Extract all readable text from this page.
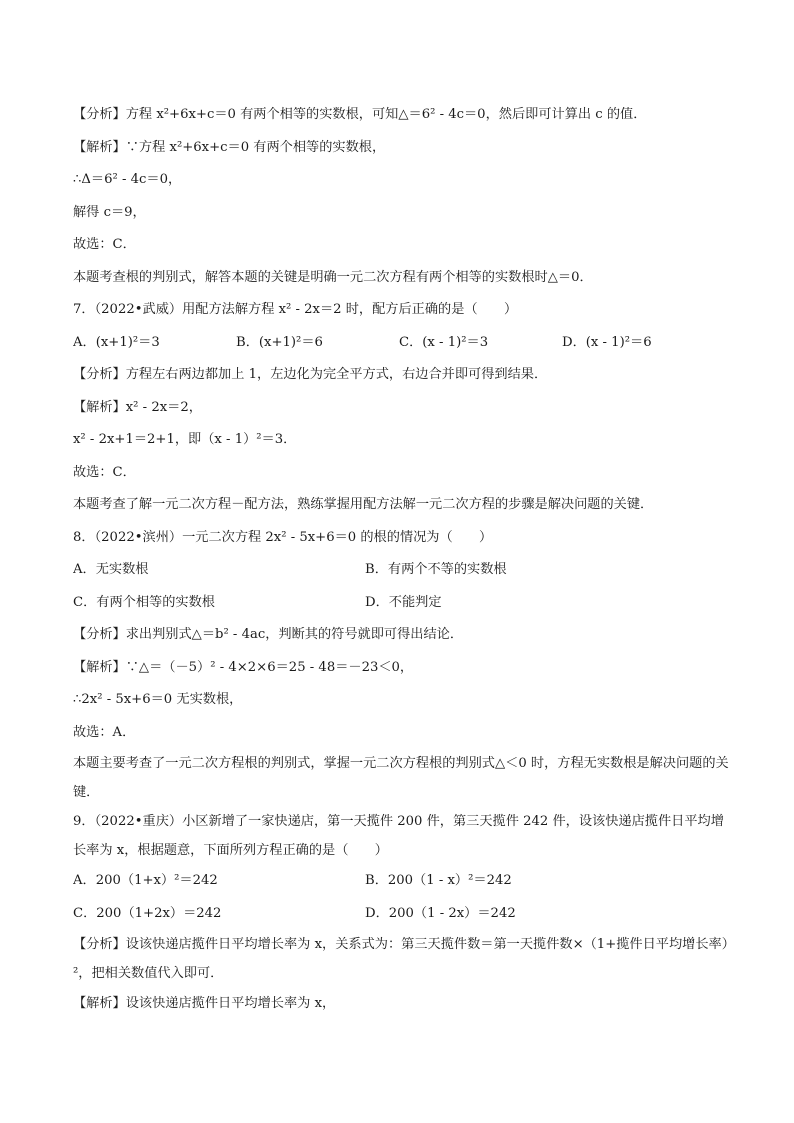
【分析】方程 x²+6x+c＝0 有两个相等的实数根，可知△＝6² - 4c＝0，然后即可计算出 c 的值．
【解析】∵方程 x²+6x+c＝0 有两个相等的实数根，
∴Δ＝6² - 4c＝0，
解得 c＝9，
故选：C．
本题考查根的判别式，解答本题的关键是明确一元二次方程有两个相等的实数根时△＝0．
7．（2022•武威）用配方法解方程 x² - 2x＝2 时，配方后正确的是（　　）
A．(x+1)²＝3	B．(x+1)²＝6	C．(x - 1)²＝3	D．(x - 1)²＝6
【分析】方程左右两边都加上 1，左边化为完全平方式，右边合并即可得到结果．
【解析】x² - 2x＝2，
x² - 2x+1＝2+1，即（x - 1）²＝3．
故选：C．
本题考查了解一元二次方程－配方法，熟练掌握用配方法解一元二次方程的步骤是解决问题的关键．
8．（2022•滨州）一元二次方程 2x² - 5x+6＝0 的根的情况为（　　）
A．无实数根	B．有两个不等的实数根
C．有两个相等的实数根	D．不能判定
【分析】求出判别式△＝b² - 4ac，判断其的符号就即可得出结论．
【解析】∵△＝（－5）² - 4×2×6＝25 - 48＝－23＜0，
∴2x² - 5x+6＝0 无实数根，
故选：A．
本题主要考查了一元二次方程根的判别式，掌握一元二次方程根的判别式△＜0 时，方程无实数根是解决问题的关键．
9．（2022•重庆）小区新增了一家快递店，第一天揽件 200 件，第三天揽件 242 件，设该快递店揽件日平均增长率为 x，根据题意，下面所列方程正确的是（　　）
A．200（1+x）²＝242	B．200（1 - x）²＝242
C．200（1+2x）＝242	D．200（1 - 2x）＝242
【分析】设该快递店揽件日平均增长率为 x，关系式为：第三天揽件数＝第一天揽件数×（1+揽件日平均增长率）²，把相关数值代入即可．
【解析】设该快递店揽件日平均增长率为 x，
